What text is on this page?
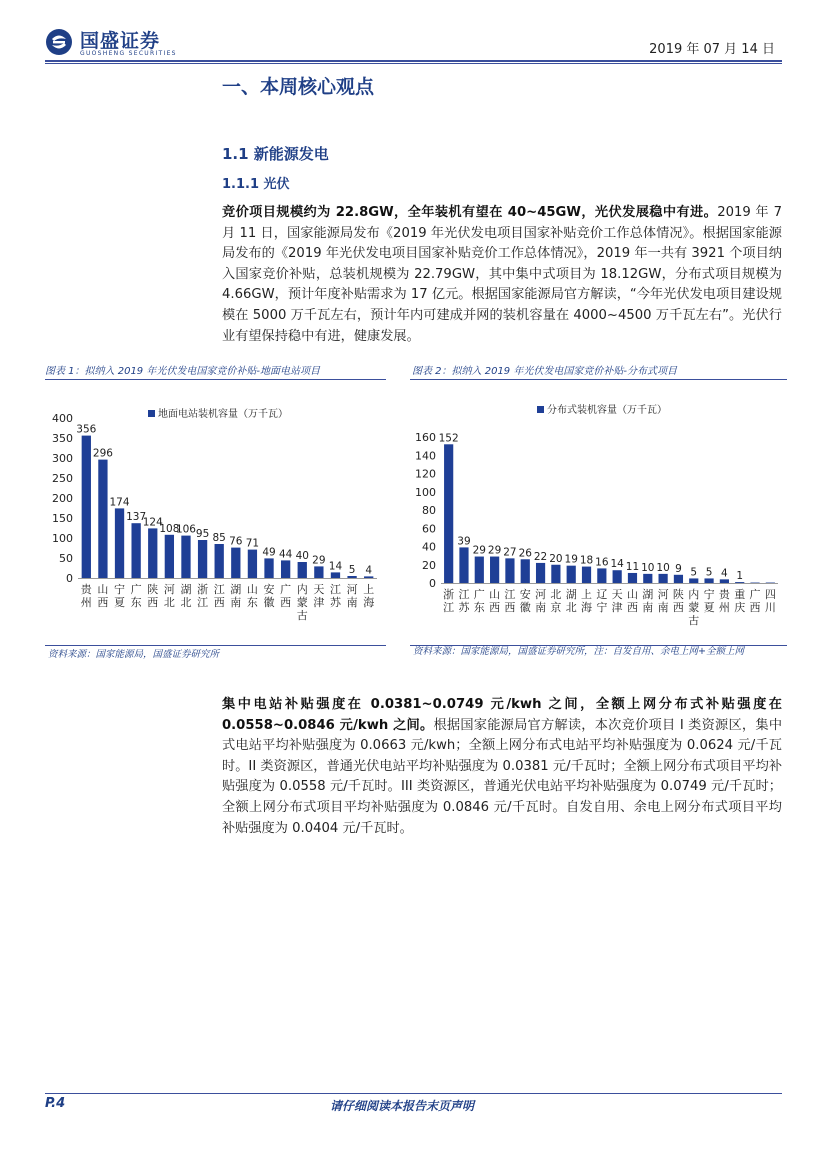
国盛证券
GUOSHENG SECURITIES	2019 年 07 月 14 日
一、本周核心观点
1.1 新能源发电
1.1.1 光伏
竞价项目规模约为 22.8GW，全年装机有望在 40~45GW，光伏发展稳中有进。2019 年 7 月 11 日，国家能源局发布《2019 年光伏发电项目国家补贴竞价工作总体情况》。根据国家能源局发布的《2019 年光伏发电项目国家补贴竞价工作总体情况》，2019 年一共有 3921 个项目纳入国家竞价补贴，总装机规模为 22.79GW，其中集中式项目为 18.12GW，分布式项目规模为 4.66GW，预计年度补贴需求为 17 亿元。根据国家能源局官方解读，“今年光伏发电项目建设规模在 5000 万千瓦左右，预计年内可建成并网的装机容量在 4000~4500 万千瓦左右”。光伏行业有望保持稳中有进，健康发展。
图表 1：拟纳入 2019 年光伏发电国家竞价补贴-地面电站项目
0
50
100
150
200
250
300
350
400	地面电站装机容量（万千瓦）
356
贵州
296
山西
174
宁夏
137
广东
124
陕西
108
河北
106
湖北
95
浙江
85
江西
76
湖南
71
山东
49
安徽
44
广西
40
内蒙古
29
天津
14
江苏
5
河南
4
上海
资料来源：国家能源局，国盛证券研究所
图表 2：拟纳入 2019 年光伏发电国家竞价补贴-分布式项目
0
20
40
60
80
100
120
140
160
分布式装机容量（万千瓦）
152
浙江
39
江苏
29
广东
29
山西
27
江西
26
安徽
22
河南
20
北京
19
湖北
18
上海
16
辽宁
14
天津
11
山西
10
湖南
10
河南
9
陕西
5
内蒙古
5
宁夏
4
贵州
1
重庆
广西
四川
资料来源：国家能源局，国盛证券研究所，注：自发自用、余电上网+全额上网
集中电站补贴强度在 0.0381~0.0749 元/kwh 之间，全额上网分布式补贴强度在 0.0558~0.0846 元/kwh 之间。根据国家能源局官方解读，本次竞价项目 I 类资源区，集中式电站平均补贴强度为 0.0663 元/kwh；全额上网分布式电站平均补贴强度为 0.0624 元/千瓦时。II 类资源区，普通光伏电站平均补贴强度为 0.0381 元/千瓦时；全额上网分布式项目平均补贴强度为 0.0558 元/千瓦时。III 类资源区，普通光伏电站平均补贴强度为 0.0749 元/千瓦时；全额上网分布式项目平均补贴强度为 0.0846 元/千瓦时。自发自用、余电上网分布式项目平均补贴强度为 0.0404 元/千瓦时。
P.4	请仔细阅读本报告末页声明
